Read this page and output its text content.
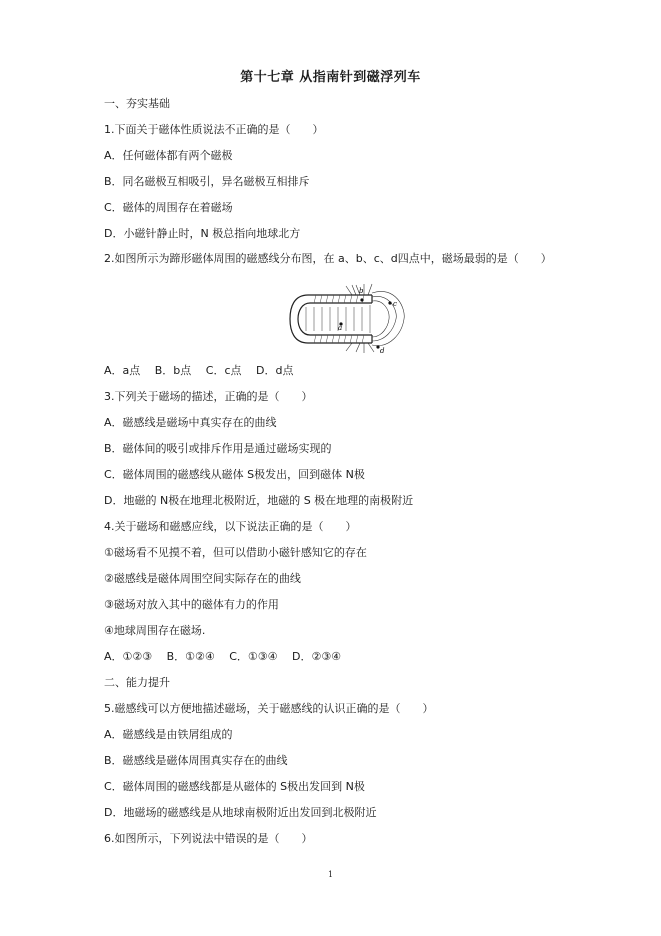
第十七章 从指南针到磁浮列车
一、夯实基础
1.下面关于磁体性质说法不正确的是（　　）
A．任何磁体都有两个磁极
B．同名磁极互相吸引，异名磁极互相排斥
C．磁体的周围存在着磁场
D．小磁针静止时，N 极总指向地球北方
2.如图所示为蹄形磁体周围的磁感线分布图，在 a、b、c、d四点中，磁场最弱的是（　　）
a
b
c
d
A．a点　 B．b点　 C．c点　 D．d点
3.下列关于磁场的描述，正确的是（　　）
A．磁感线是磁场中真实存在的曲线
B．磁体间的吸引或排斥作用是通过磁场实现的
C．磁体周围的磁感线从磁体 S极发出，回到磁体 N极
D．地磁的 N极在地理北极附近，地磁的 S 极在地理的南极附近
4.关于磁场和磁感应线，以下说法正确的是（　　）
①磁场看不见摸不着，但可以借助小磁针感知它的存在
②磁感线是磁体周围空间实际存在的曲线
③磁场对放入其中的磁体有力的作用
④地球周围存在磁场.
A．①②③　 B．①②④　 C．①③④　 D．②③④
二、能力提升
5.磁感线可以方便地描述磁场，关于磁感线的认识正确的是（　　）
A．磁感线是由铁屑组成的
B．磁感线是磁体周围真实存在的曲线
C．磁体周围的磁感线都是从磁体的 S极出发回到 N极
D．地磁场的磁感线是从地球南极附近出发回到北极附近
6.如图所示，下列说法中错误的是（　　）
1
